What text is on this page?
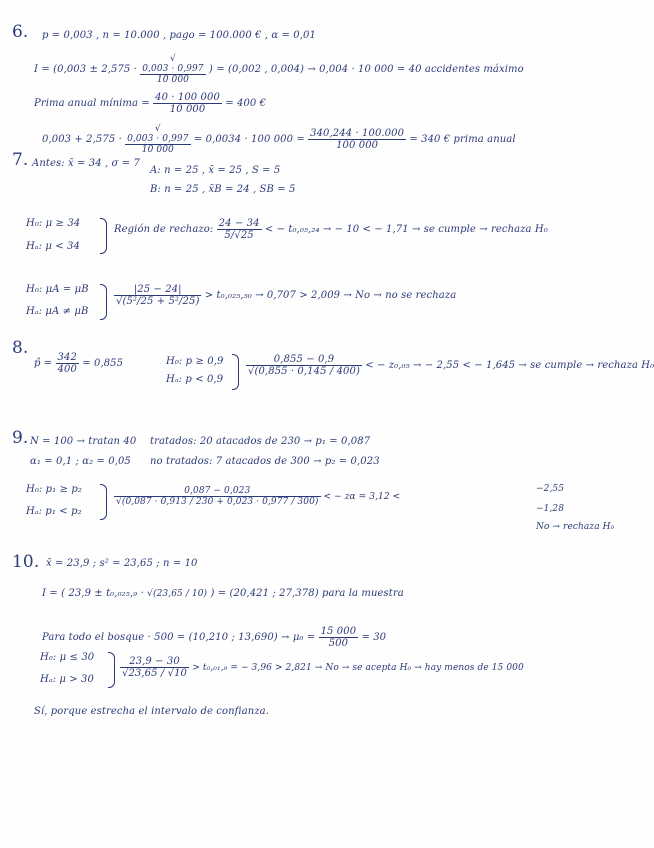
6. p = 0,003 , n = 10.000 , pago = 100.000 € , α = 0,01
I = (0,003 ± 2,575 · √
0,003 · 0,997
10 000
) = (0,002 , 0,004) → 0,004 · 10 000 = 40 accidentes máximo
Prima anual mínima = $\frac{40 \cdot 100 000}{10 000} = 400$ €
0,003 + 2,575 · √
0,003 · 0,997
10 000
= 0,0034 · 100 $000 = \frac{340,244 \cdot 100.000}{100 000} = 340$ € prima anual
7. Antes: x̄ = 34 , σ = 7
A: n = 25 , x̄ = 25 , S = 5
B: n = 25 , x̄B = 24 , SB = 5
H₀: μ ≥ 34
Hₐ: μ < 34
Región de rechazo: $\frac{24 - 34}{5/√25}$ < − t₀,₀₅,₂₄ → − 10 < − 1,71 → se cumple → rechaza H₀
H₀: μA = μB
Hₐ: μA ≠ μB
$\frac{|25 - 24|}{\text{√(5²/25 + 5²/25)}} > t_0,_{025},_{50} \to 0,707 > 2,009 \to No$ → no se rechaza
8.
p̂ = $\frac{342}{400} = 0,855$	H₀: p ≥ 0,9
Hₐ: p < 0,9
$\frac{0,855 - 0,9}{√(0,855 \cdot 0,145 / 400)}$ < − z₀,₀₅ → − 2,55 < − 1,645 → se cumple → rechaza H₀
9. N = 100 → tratan 40 tratados: 20 atacados de 230 → p₁ = 0,087
α₁ = 0,1 ; α₂ = 0,05 no tratados: 7 atacados de 300 → p₂ = 0,023
H₀: p₁ ≥ p₂
Hₐ: p₁ < p₂
$\frac{0,087 - 0,023}{√(0,087 \cdot 0,913 / 230 + 0,023 \cdot 0,977 / 300)}$ < − zα = 3,12 <
−2,55
−1,28
No → rechaza H₀
10. x̄ = 23,9 ; s² = 23,65 ; n = 10
I = ( 23,9 ± t₀,₀₂₅,₉ · √(23,65 / 10) ) = (20,421 ; 27,378) para la muestra
Para todo el bosque · 500 = (10,210 ; $13,690) \to \mu_0 = \frac{15 000}{500} = 30$
H₀: μ ≤ 30
Hₐ: μ > 30
$\frac{23,9 - 30}{√23,65 / √10} > t_0,_{01},_9$ = − 3,96 > 2,821 → No → se acepta H₀ → hay menos de 15 000
Sí, porque estrecha el intervalo de confianza.
